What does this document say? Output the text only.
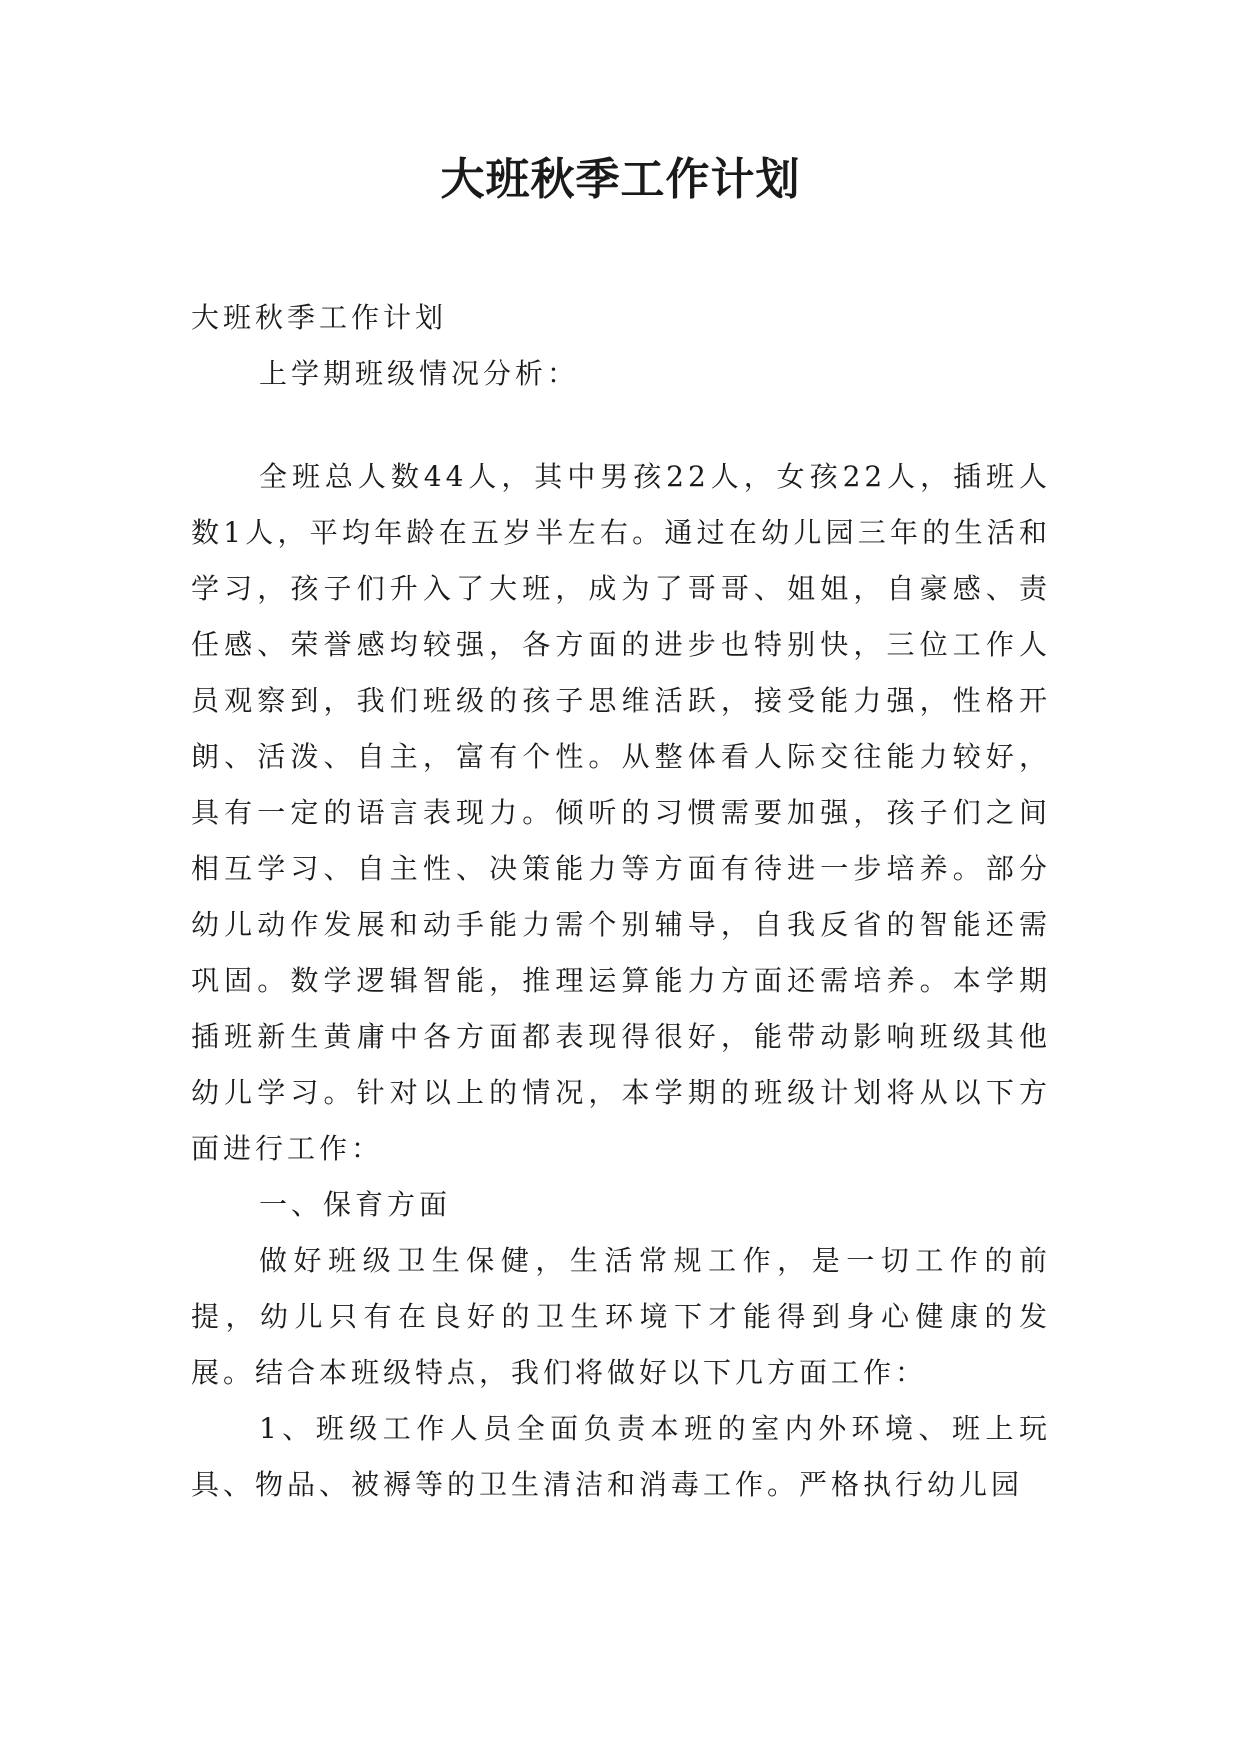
大班秋季工作计划

大班秋季工作计划

上学期班级情况分析：

全班总人数44人，其中男孩22人，女孩22人，插班人数1人，平均年龄在五岁半左右。通过在幼儿园三年的生活和学习，孩子们升入了大班，成为了哥哥、姐姐，自豪感、责任感、荣誉感均较强，各方面的进步也特别快，三位工作人员观察到，我们班级的孩子思维活跃，接受能力强，性格开朗、活泼、自主，富有个性。从整体看人际交往能力较好，具有一定的语言表现力。倾听的习惯需要加强，孩子们之间相互学习、自主性、决策能力等方面有待进一步培养。部分幼儿动作发展和动手能力需个别辅导，自我反省的智能还需巩固。数学逻辑智能，推理运算能力方面还需培养。本学期插班新生黄庸中各方面都表现得很好，能带动影响班级其他幼儿学习。针对以上的情况，本学期的班级计划将从以下方面进行工作：

一、保育方面

做好班级卫生保健，生活常规工作，是一切工作的前提，幼儿只有在良好的卫生环境下才能得到身心健康的发展。结合本班级特点，我们将做好以下几方面工作：

1、班级工作人员全面负责本班的室内外环境、班上玩具、物品、被褥等的卫生清洁和消毒工作。严格执行幼儿园
